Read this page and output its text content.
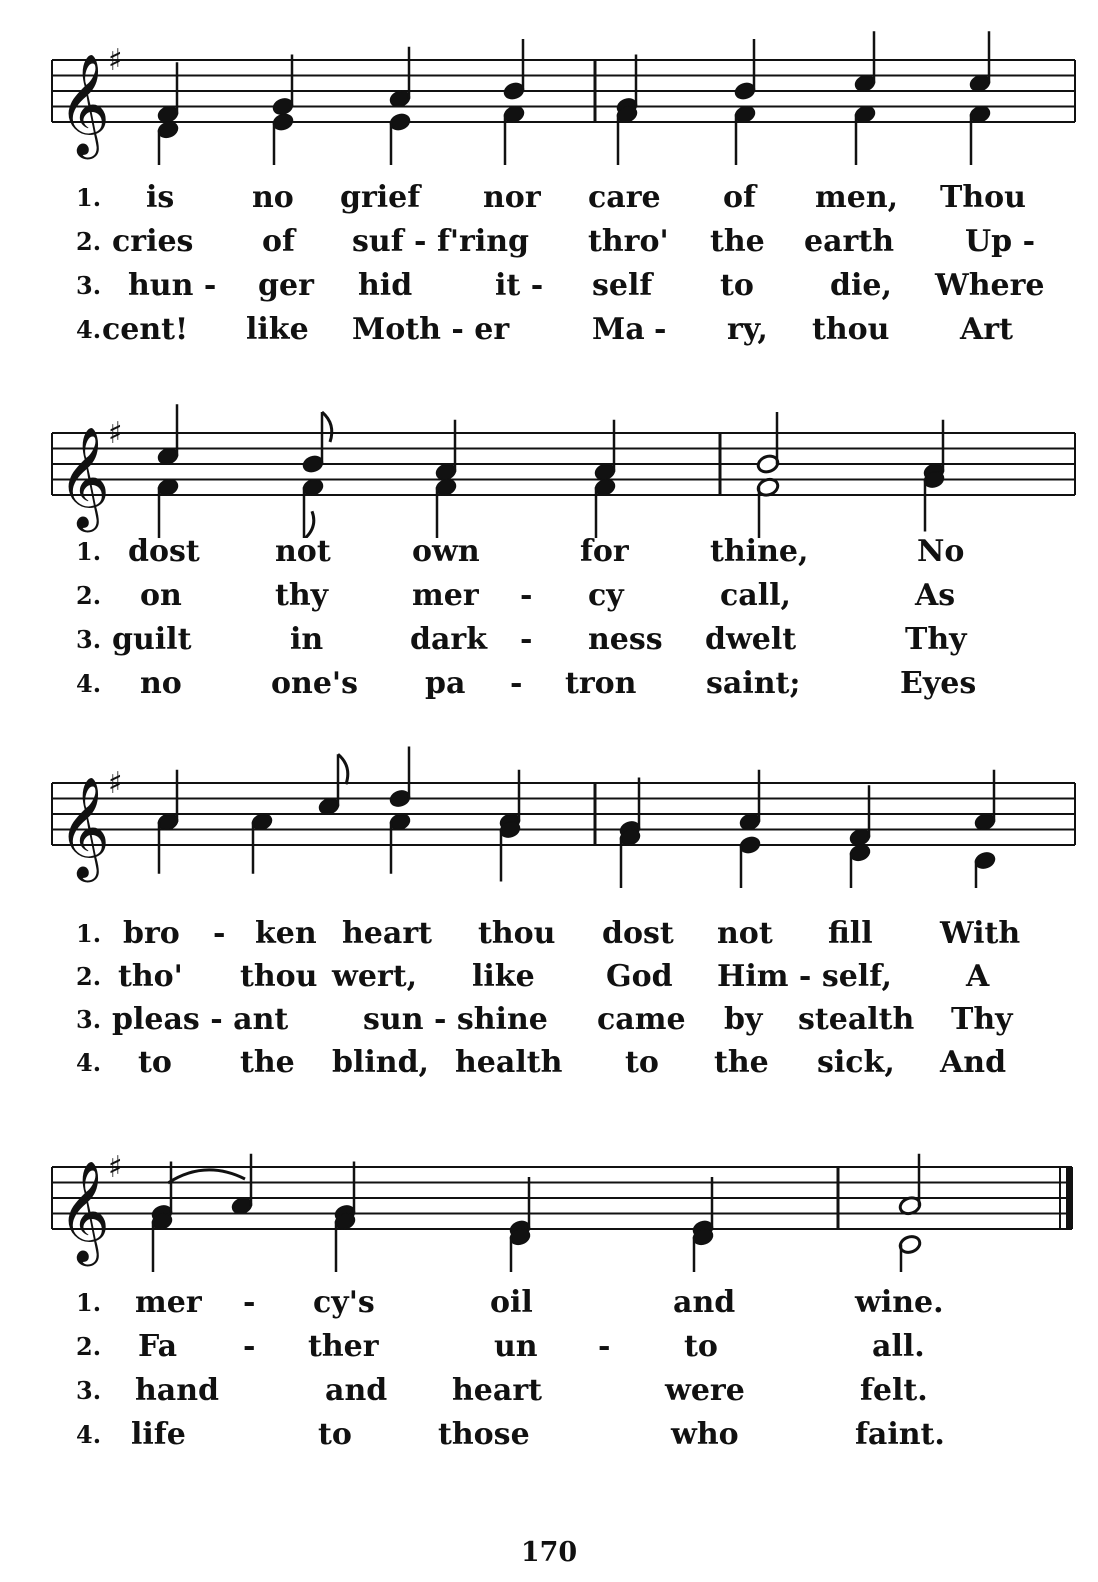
𝄞
♯
1. is	no grief nor care of men, Thou
2. cries of suf - f'ring thro' the earth Up -
3. hun - ger hid	it - self to	die, Where
4. cent! like Moth - er	Ma - ry, thou Art
𝄞
♯
1. dost	not	own	for	thine,	No
2. on	thy	mer - cy	call,	As
3. guilt	in	dark - ness dwelt	Thy
4. no	one's pa - tron saint;	Eyes
𝄞
♯
1. bro - ken heart thou dost not fill With
2. tho' thou wert, like God Him - self, A
3. pleas - ant sun - shine came by stealth Thy
4. to the blind, health to the sick, And
𝄞
♯
1. mer - cy's	oil	and	wine.
2. Fa - ther	un - to	all.
3. hand	and heart	were	felt.
4. life	to	those	who	faint.
170
